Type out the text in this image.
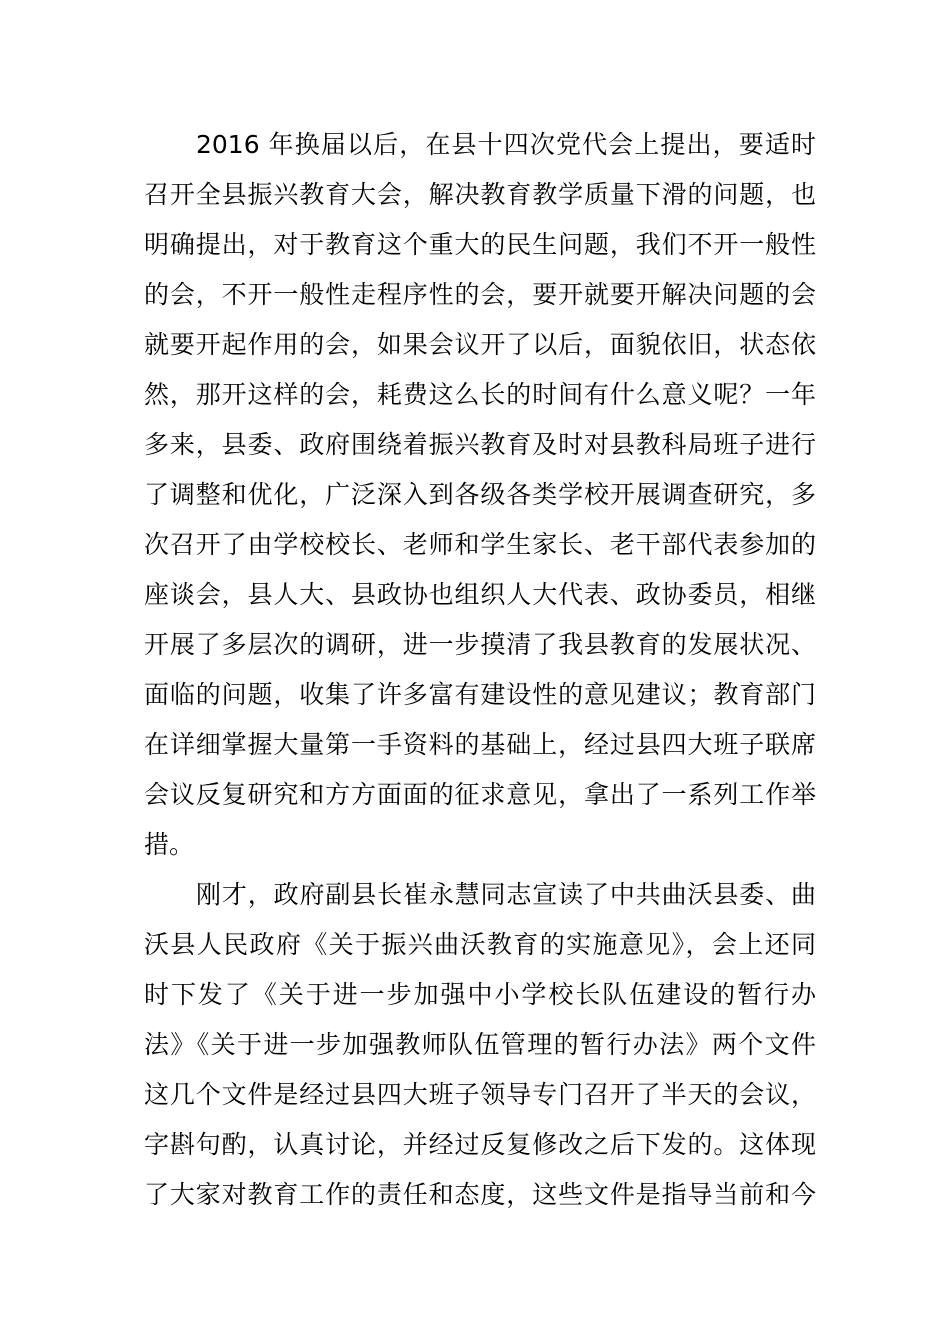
2016 年换届以后，在县十四次党代会上提出，要适时
召开全县振兴教育大会，解决教育教学质量下滑的问题，也
明确提出，对于教育这个重大的民生问题，我们不开一般性
的会，不开一般性走程序性的会，要开就要开解决问题的会
就要开起作用的会，如果会议开了以后，面貌依旧，状态依
然，那开这样的会，耗费这么长的时间有什么意义呢？一年
多来，县委、政府围绕着振兴教育及时对县教科局班子进行
了调整和优化，广泛深入到各级各类学校开展调查研究，多
次召开了由学校校长、老师和学生家长、老干部代表参加的
座谈会，县人大、县政协也组织人大代表、政协委员，相继
开展了多层次的调研，进一步摸清了我县教育的发展状况、
面临的问题，收集了许多富有建设性的意见建议；教育部门
在详细掌握大量第一手资料的基础上，经过县四大班子联席
会议反复研究和方方面面的征求意见，拿出了一系列工作举
措。
刚才，政府副县长崔永慧同志宣读了中共曲沃县委、曲
沃县人民政府《关于振兴曲沃教育的实施意见》，会上还同
时下发了《关于进一步加强中小学校长队伍建设的暂行办
法》《关于进一步加强教师队伍管理的暂行办法》两个文件
这几个文件是经过县四大班子领导专门召开了半天的会议，
字斟句酌，认真讨论，并经过反复修改之后下发的。这体现
了大家对教育工作的责任和态度，这些文件是指导当前和今
